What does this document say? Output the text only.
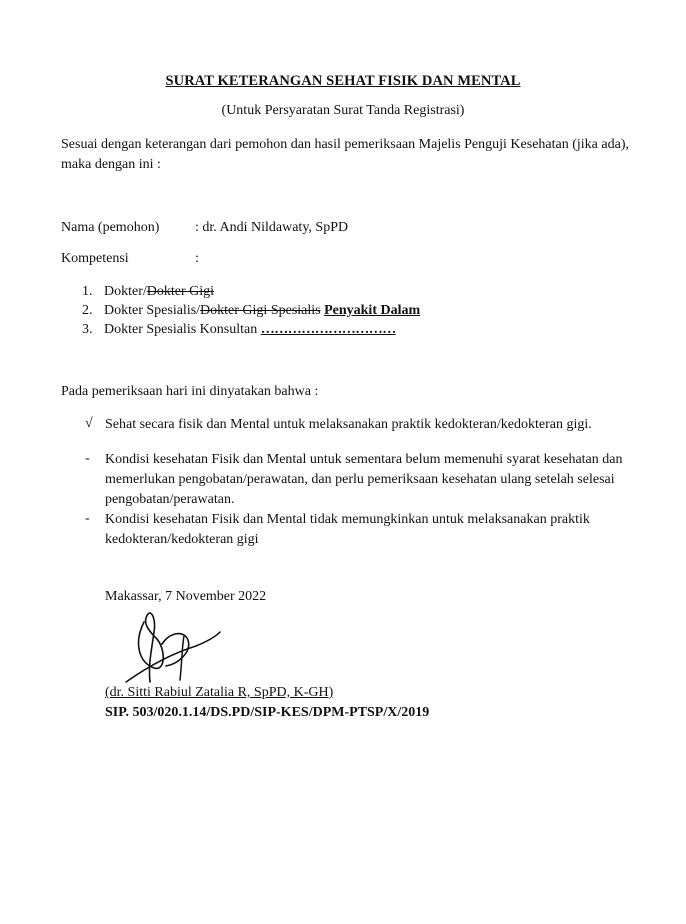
SURAT KETERANGAN SEHAT FISIK DAN MENTAL
(Untuk Persyaratan Surat Tanda Registrasi)
Sesuai dengan keterangan dari pemohon dan hasil pemeriksaan Majelis Penguji Kesehatan (jika ada), maka dengan ini :
Nama (pemohon)	: dr. Andi Nildawaty, SpPD
Kompetensi	:
1. Dokter/Dokter Gigi
2. Dokter Spesialis/Dokter Gigi Spesialis Penyakit Dalam
3. Dokter Spesialis Konsultan …………………………
Pada pemeriksaan hari ini dinyatakan bahwa :
√ Sehat secara fisik dan Mental untuk melaksanakan praktik kedokteran/kedokteran gigi.
-	Kondisi kesehatan Fisik dan Mental untuk sementara belum memenuhi syarat kesehatan dan memerlukan pengobatan/perawatan, dan perlu pemeriksaan kesehatan ulang setelah selesai pengobatan/perawatan.
-	Kondisi kesehatan Fisik dan Mental tidak memungkinkan untuk melaksanakan praktik kedokteran/kedokteran gigi
Makassar, 7 November 2022
(dr. Sitti Rabiul Zatalia R, SpPD, K-GH)
SIP. 503/020.1.14/DS.PD/SIP-KES/DPM-PTSP/X/2019
